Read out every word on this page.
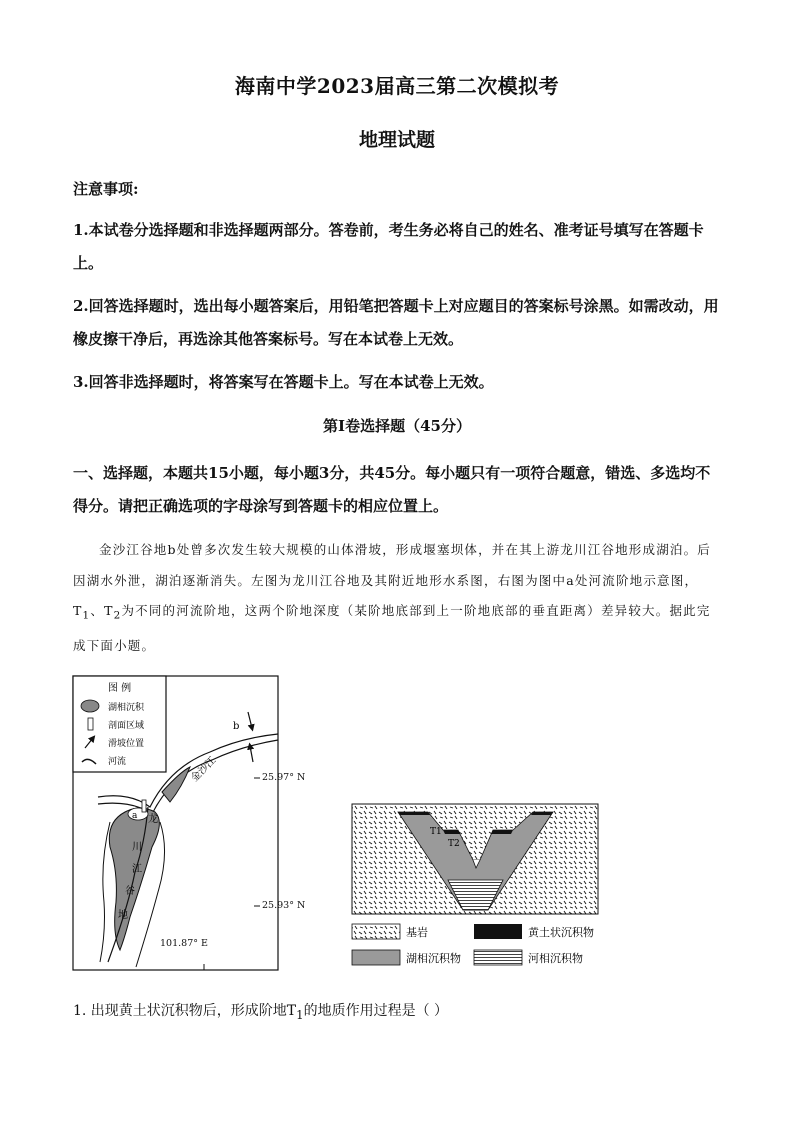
海南中学2023届高三第二次模拟考
地理试题
注意事项:
1.本试卷分选择题和非选择题两部分。答卷前，考生务必将自己的姓名、准考证号填写在答题卡上。
2.回答选择题时，选出每小题答案后，用铅笔把答题卡上对应题目的答案标号涂黑。如需改动，用橡皮擦干净后，再选涂其他答案标号。写在本试卷上无效。
3.回答非选择题时，将答案写在答题卡上。写在本试卷上无效。
第I卷选择题（45分）
一、选择题，本题共15小题，每小题3分，共45分。每小题只有一项符合题意，错选、多选均不得分。请把正确选项的字母涂写到答题卡的相应位置上。
金沙江谷地b处曾多次发生较大规模的山体滑坡，形成堰塞坝体，并在其上游龙川江谷地形成湖泊。后因湖水外泄，湖泊逐渐消失。左图为龙川江谷地及其附近地形水系图，右图为图中a处河流阶地示意图，$T_1$、$T_2$为不同的河流阶地，这两个阶地深度（某阶地底部到上一阶地底部的垂直距离）差异较大。据此完成下面小题。
图 例
湖相沉积
剖面区域
滑坡位置
河流	金沙江
a 龙
川
江
谷
地
b
25.97° N
25.93° N
101.87° E
T1
T2
基岩	黄土状沉积物
湖相沉积物	河相沉积物
1. 出现黄土状沉积物后，形成阶地$T_1$的地质作用过程是（ ）
